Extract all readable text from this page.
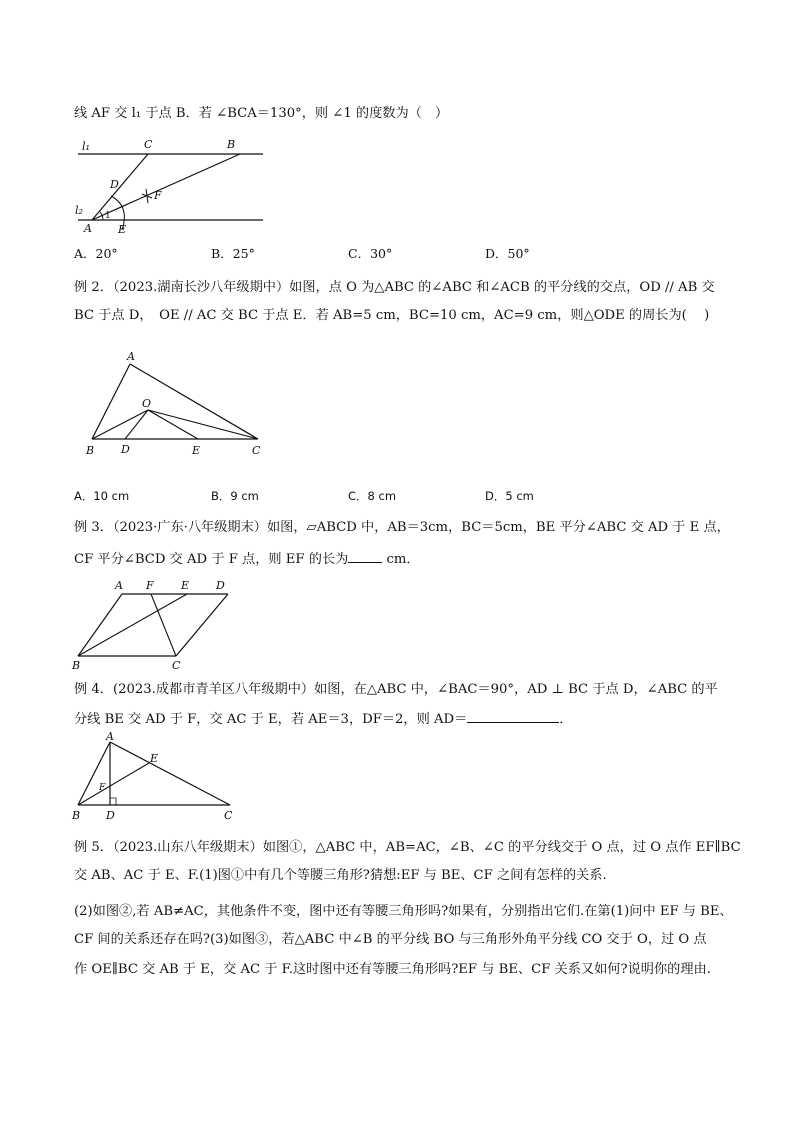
线 AF 交 l₁ 于点 B．若 ∠BCA＝130°，则 ∠1 的度数为（　）
l₁	C	B
D
F
l₂ 1
A E
A．20°	B．25°	C．30°	D．50°
例 2．（2023.湖南长沙八年级期中）如图，点 O 为△ABC 的∠ABC 和∠ACB 的平分线的交点，OD // AB 交
BC 于点 D，　OE // AC 交 BC 于点 E．若 AB=5 cm，BC=10 cm，AC=9 cm，则△ODE 的周长为(　 )
A
O
B D	E	C
A．10 cm	B．9 cm	C．8 cm	D．5 cm
例 3．（2023·广东·八年级期末）如图，▱ABCD 中，AB＝3cm，BC＝5cm，BE 平分∠ABC 交 AD 于 E 点，
CF 平分∠BCD 交 AD 于 F 点，则 EF 的长为	cm．
A F E D
B	C
例 4．(2023.成都市青羊区八年级期中）如图，在△ABC 中，∠BAC＝90°，AD ⊥ BC 于点 D，∠ABC 的平
分线 BE 交 AD 于 F，交 AC 于 E，若 AE＝3，DF＝2，则 AD＝	．
A
E
F
B D	C
例 5．（2023.山东八年级期末）如图①，△ABC 中，AB=AC，∠B、∠C 的平分线交于 O 点，过 O 点作 EF∥BC
交 AB、AC 于 E、F.(1)图①中有几个等腰三角形?猜想:EF 与 BE、CF 之间有怎样的关系.
(2)如图②,若 AB≠AC，其他条件不变，图中还有等腰三角形吗?如果有，分别指出它们.在第(1)问中 EF 与 BE、
CF 间的关系还存在吗?(3)如图③，若△ABC 中∠B 的平分线 BO 与三角形外角平分线 CO 交于 O，过 O 点
作 OE∥BC 交 AB 于 E，交 AC 于 F.这时图中还有等腰三角形吗?EF 与 BE、CF 关系又如何?说明你的理由.
